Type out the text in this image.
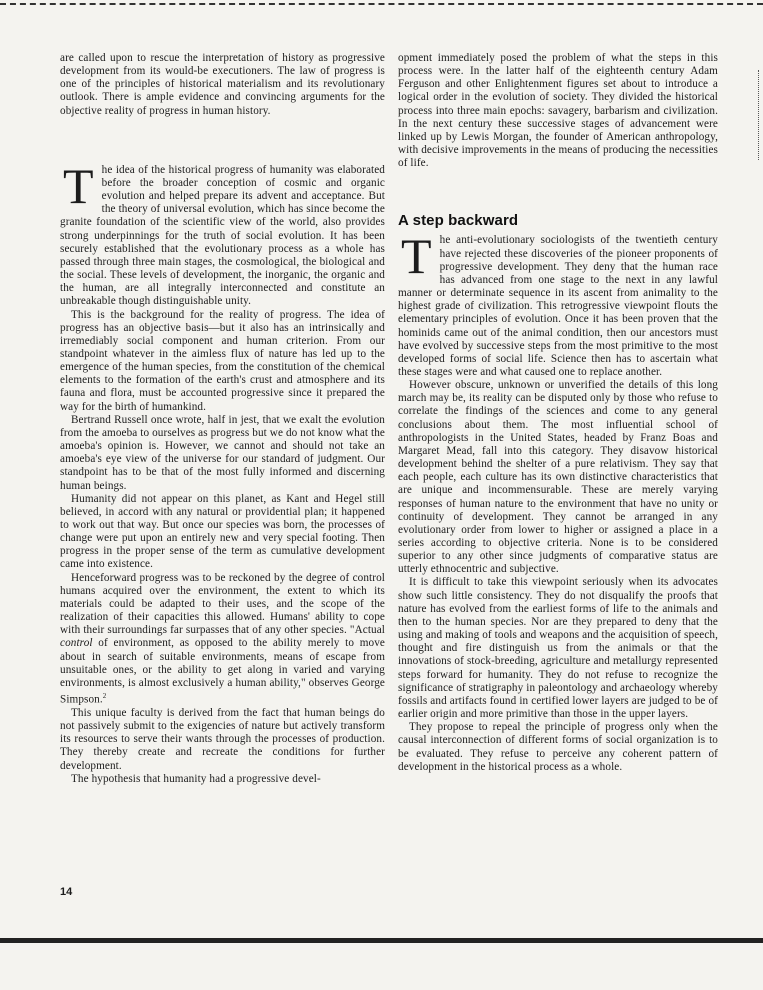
are called upon to rescue the interpretation of history as progressive development from its would-be executioners. The law of progress is one of the principles of historical materialism and its revolutionary outlook. There is ample evidence and convincing arguments for the objective reality of progress in human history.

The idea of the historical progress of humanity was elaborated before the broader conception of cosmic and organic evolution and helped prepare its advent and acceptance. But the theory of universal evolution, which has since become the granite foundation of the scientific view of the world, also provides strong underpinnings for the truth of social evolution. It has been securely established that the evolutionary process as a whole has passed through three main stages, the cosmological, the biological and the social. These levels of development, the inorganic, the organic and the human, are all integrally interconnected and constitute an unbreakable though distinguishable unity.

This is the background for the reality of progress. The idea of progress has an objective basis—but it also has an intrinsically and irremediably social component and human criterion. From our standpoint whatever in the aimless flux of nature has led up to the emergence of the human species, from the constitution of the chemical elements to the formation of the earth's crust and atmosphere and its fauna and flora, must be accounted progressive since it prepared the way for the birth of humankind.

Bertrand Russell once wrote, half in jest, that we exalt the evolution from the amoeba to ourselves as progress but we do not know what the amoeba's opinion is. However, we cannot and should not take an amoeba's eye view of the universe for our standard of judgment. Our standpoint has to be that of the most fully informed and discerning human beings.

Humanity did not appear on this planet, as Kant and Hegel still believed, in accord with any natural or providential plan; it happened to work out that way. But once our species was born, the processes of change were put upon an entirely new and very special footing. Then progress in the proper sense of the term as cumulative development came into existence.

Henceforward progress was to be reckoned by the degree of control humans acquired over the environment, the extent to which its materials could be adapted to their uses, and the scope of the realization of their capacities this allowed. Humans' ability to cope with their surroundings far surpasses that of any other species. "Actual control of environment, as opposed to the ability merely to move about in search of suitable environments, means of escape from unsuitable ones, or the ability to get along in varied and varying environments, is almost exclusively a human ability," observes George Simpson.$^2$

This unique faculty is derived from the fact that human beings do not passively submit to the exigencies of nature but actively transform its resources to serve their wants through the processes of production. They thereby create and recreate the conditions for further development.

The hypothesis that humanity had a progressive devel-

opment immediately posed the problem of what the steps in this process were. In the latter half of the eighteenth century Adam Ferguson and other Enlightenment figures set about to introduce a logical order in the evolution of society. They divided the historical process into three main epochs: savagery, barbarism and civilization. In the next century these successive stages of advancement were linked up by Lewis Morgan, the founder of American anthropology, with decisive improvements in the means of producing the necessities of life.

A step backward

The anti-evolutionary sociologists of the twentieth century have rejected these discoveries of the pioneer proponents of progressive development. They deny that the human race has advanced from one stage to the next in any lawful manner or determinate sequence in its ascent from animality to the highest grade of civilization. This retrogressive viewpoint flouts the elementary principles of evolution. Once it has been proven that the hominids came out of the animal condition, then our ancestors must have evolved by successive steps from the most primitive to the most developed forms of social life. Science then has to ascertain what these stages were and what caused one to replace another.

However obscure, unknown or unverified the details of this long march may be, its reality can be disputed only by those who refuse to correlate the findings of the sciences and come to any general conclusions about them. The most influential school of anthropologists in the United States, headed by Franz Boas and Margaret Mead, fall into this category. They disavow historical development behind the shelter of a pure relativism. They say that each people, each culture has its own distinctive characteristics that are unique and incommensurable. These are merely varying responses of human nature to the environment that have no unity or continuity of development. They cannot be arranged in any evolutionary order from lower to higher or assigned a place in a series according to objective criteria. None is to be considered superior to any other since judgments of comparative status are utterly ethnocentric and subjective.

It is difficult to take this viewpoint seriously when its advocates show such little consistency. They do not disqualify the proofs that nature has evolved from the earliest forms of life to the animals and then to the human species. Nor are they prepared to deny that the using and making of tools and weapons and the acquisition of speech, thought and fire distinguish us from the animals or that the innovations of stock-breeding, agriculture and metallurgy represented steps forward for humanity. They do not refuse to recognize the significance of stratigraphy in paleontology and archaeology whereby fossils and artifacts found in certified lower layers are judged to be of earlier origin and more primitive than those in the upper layers.

They propose to repeal the principle of progress only when the causal interconnection of different forms of social organization is to be evaluated. They refuse to perceive any coherent pattern of development in the historical process as a whole.

14
